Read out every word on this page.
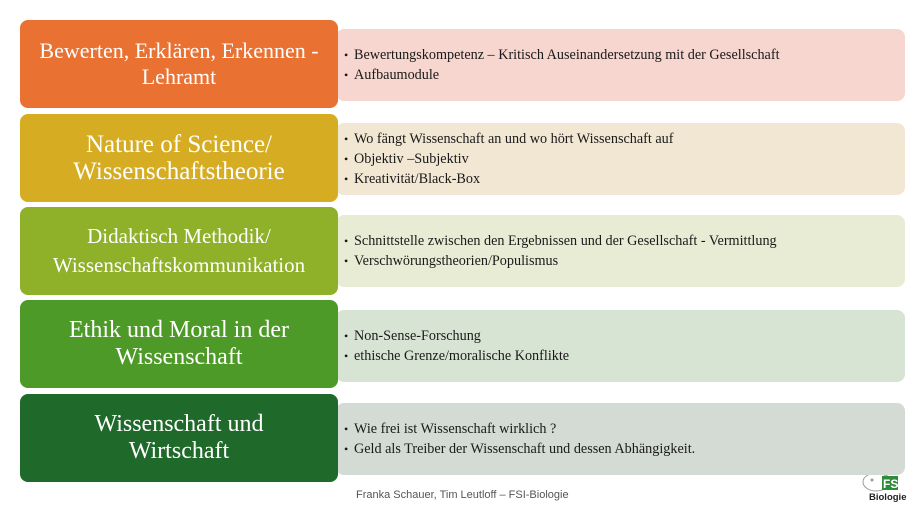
• Bewertungskompetenz – Kritisch Auseinandersetzung mit der Gesellschaft
• Aufbaumodule
Bewerten, Erklären, Erkennen -
Lehramt
• Wo fängt Wissenschaft an und wo hört Wissenschaft auf
• Objektiv –Subjektiv
• Kreativität/Black-Box
Nature of Science/
Wissenschaftstheorie
• Schnittstelle zwischen den Ergebnissen und der Gesellschaft - Vermittlung
• Verschwörungstheorien/Populismus
Didaktisch Methodik/
Wissenschaftskommunikation
• Non-Sense-Forschung
• ethische Grenze/moralische Konflikte
Ethik und Moral in der
Wissenschaft
• Wie frei ist Wissenschaft wirklich ?
• Geld als Treiber der Wissenschaft und dessen Abhängigkeit.
Wissenschaft und
Wirtschaft
Franka Schauer, Tim Leutloff – FSI-Biologie
FS
Biologie
